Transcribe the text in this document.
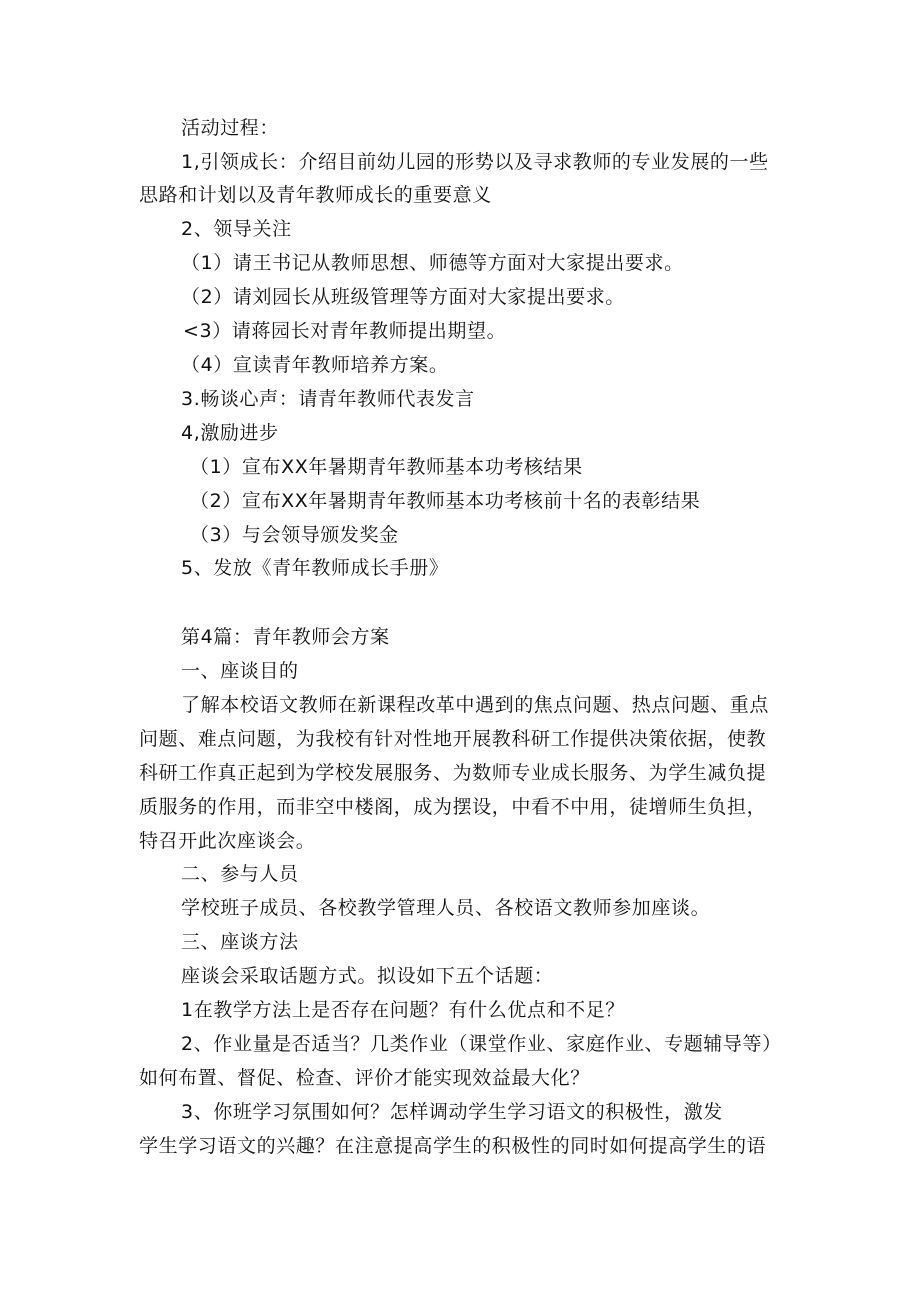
活动过程：
1,引领成长：介绍目前幼儿园的形势以及寻求教师的专业发展的一些
思路和计划以及青年教师成长的重要意义
2、领导关注
（1）请王书记从教师思想、师德等方面对大家提出要求。
（2）请刘园长从班级管理等方面对大家提出要求。
<3）请蒋园长对青年教师提出期望。
（4）宣读青年教师培养方案。
3.畅谈心声：请青年教师代表发言
4,激励进步
（1）宣布XX年暑期青年教师基本功考核结果
（2）宣布XX年暑期青年教师基本功考核前十名的表彰结果
（3）与会领导颁发奖金
5、发放《青年教师成长手册》
第4篇：青年教师会方案
一、座谈目的
了解本校语文教师在新课程改革中遇到的焦点问题、热点问题、重点
问题、难点问题，为我校有针对性地开展教科研工作提供决策依据，使教
科研工作真正起到为学校发展服务、为数师专业成长服务、为学生减负提
质服务的作用，而非空中楼阁，成为摆设，中看不中用，徒增师生负担，
特召开此次座谈会。
二、参与人员
学校班子成员、各校教学管理人员、各校语文教师参加座谈。
三、座谈方法
座谈会采取话题方式。拟设如下五个话题：
1在教学方法上是否存在问题？有什么优点和不足？
2、作业量是否适当？几类作业（课堂作业、家庭作业、专题辅导等）
如何布置、督促、检查、评价才能实现效益最大化？
3、你班学习氛围如何？怎样调动学生学习语文的积极性，激发
学生学习语文的兴趣？在注意提高学生的积极性的同时如何提高学生的语
